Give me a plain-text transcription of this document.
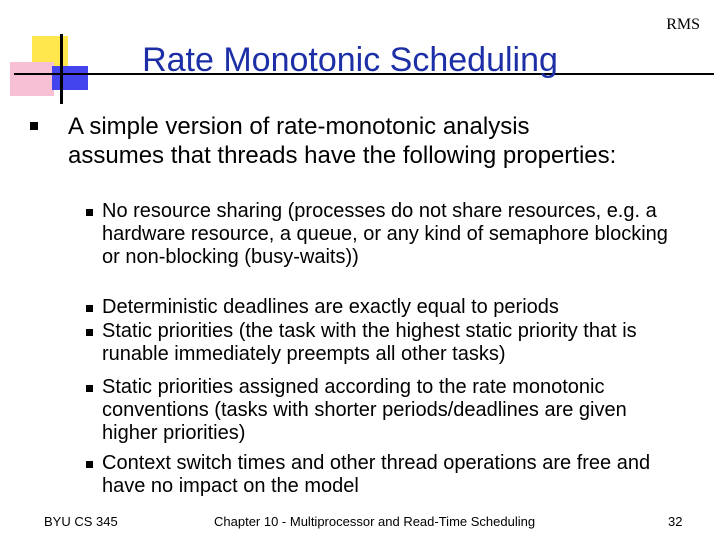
RMS
Rate Monotonic Scheduling
A simple version of rate-monotonic analysis assumes that threads have the following properties:
No resource sharing (processes do not share resources, e.g. a hardware resource, a queue, or any kind of semaphore blocking or non-blocking (busy-waits))
Deterministic deadlines are exactly equal to periods
Static priorities (the task with the highest static priority that is runable immediately preempts all other tasks)
Static priorities assigned according to the rate monotonic conventions (tasks with shorter periods/deadlines are given higher priorities)
Context switch times and other thread operations are free and have no impact on the model
BYU CS 345	Chapter 10 - Multiprocessor and Read-Time Scheduling	32
